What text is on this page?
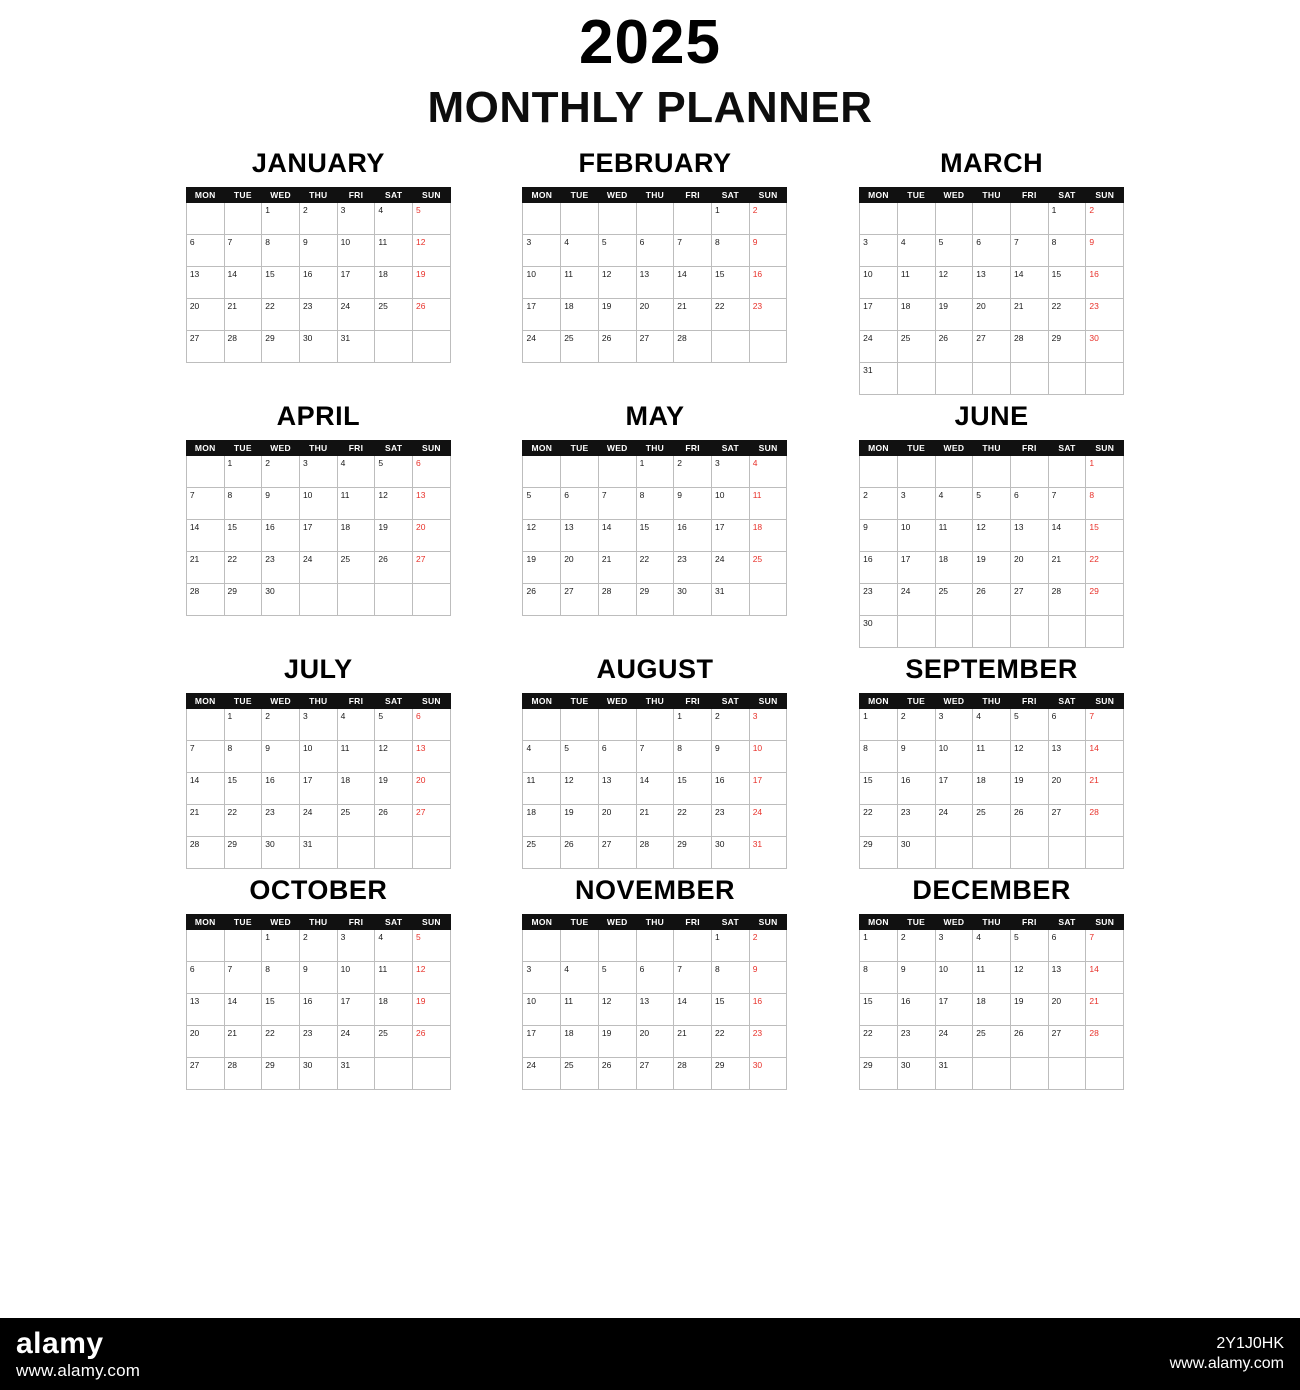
2025
MONTHLY PLANNER
JANUARY
MON	TUE	WED	THU	FRI	SAT	SUN
		1	2	3	4	5
6	7	8	9	10	11	12
13	14	15	16	17	18	19
20	21	22	23	24	25	26
27	28	29	30	31		
FEBRUARY
MON	TUE	WED	THU	FRI	SAT	SUN
					1	2
3	4	5	6	7	8	9
10	11	12	13	14	15	16
17	18	19	20	21	22	23
24	25	26	27	28		
MARCH
MON	TUE	WED	THU	FRI	SAT	SUN
					1	2
3	4	5	6	7	8	9
10	11	12	13	14	15	16
17	18	19	20	21	22	23
24	25	26	27	28	29	30
31						
APRIL
MON	TUE	WED	THU	FRI	SAT	SUN
	1	2	3	4	5	6
7	8	9	10	11	12	13
14	15	16	17	18	19	20
21	22	23	24	25	26	27
28	29	30				
MAY
MON	TUE	WED	THU	FRI	SAT	SUN
			1	2	3	4
5	6	7	8	9	10	11
12	13	14	15	16	17	18
19	20	21	22	23	24	25
26	27	28	29	30	31	
JUNE
MON	TUE	WED	THU	FRI	SAT	SUN
						1
2	3	4	5	6	7	8
9	10	11	12	13	14	15
16	17	18	19	20	21	22
23	24	25	26	27	28	29
30						
JULY
MON	TUE	WED	THU	FRI	SAT	SUN
	1	2	3	4	5	6
7	8	9	10	11	12	13
14	15	16	17	18	19	20
21	22	23	24	25	26	27
28	29	30	31			
AUGUST
MON	TUE	WED	THU	FRI	SAT	SUN
				1	2	3
4	5	6	7	8	9	10
11	12	13	14	15	16	17
18	19	20	21	22	23	24
25	26	27	28	29	30	31
SEPTEMBER
MON	TUE	WED	THU	FRI	SAT	SUN
1	2	3	4	5	6	7
8	9	10	11	12	13	14
15	16	17	18	19	20	21
22	23	24	25	26	27	28
29	30					
OCTOBER
MON	TUE	WED	THU	FRI	SAT	SUN
		1	2	3	4	5
6	7	8	9	10	11	12
13	14	15	16	17	18	19
20	21	22	23	24	25	26
27	28	29	30	31		
NOVEMBER
MON	TUE	WED	THU	FRI	SAT	SUN
					1	2
3	4	5	6	7	8	9
10	11	12	13	14	15	16
17	18	19	20	21	22	23
24	25	26	27	28	29	30
DECEMBER
MON	TUE	WED	THU	FRI	SAT	SUN
1	2	3	4	5	6	7
8	9	10	11	12	13	14
15	16	17	18	19	20	21
22	23	24	25	26	27	28
29	30	31				
alamy
www.alamy.com
2Y1J0HK
www.alamy.com
